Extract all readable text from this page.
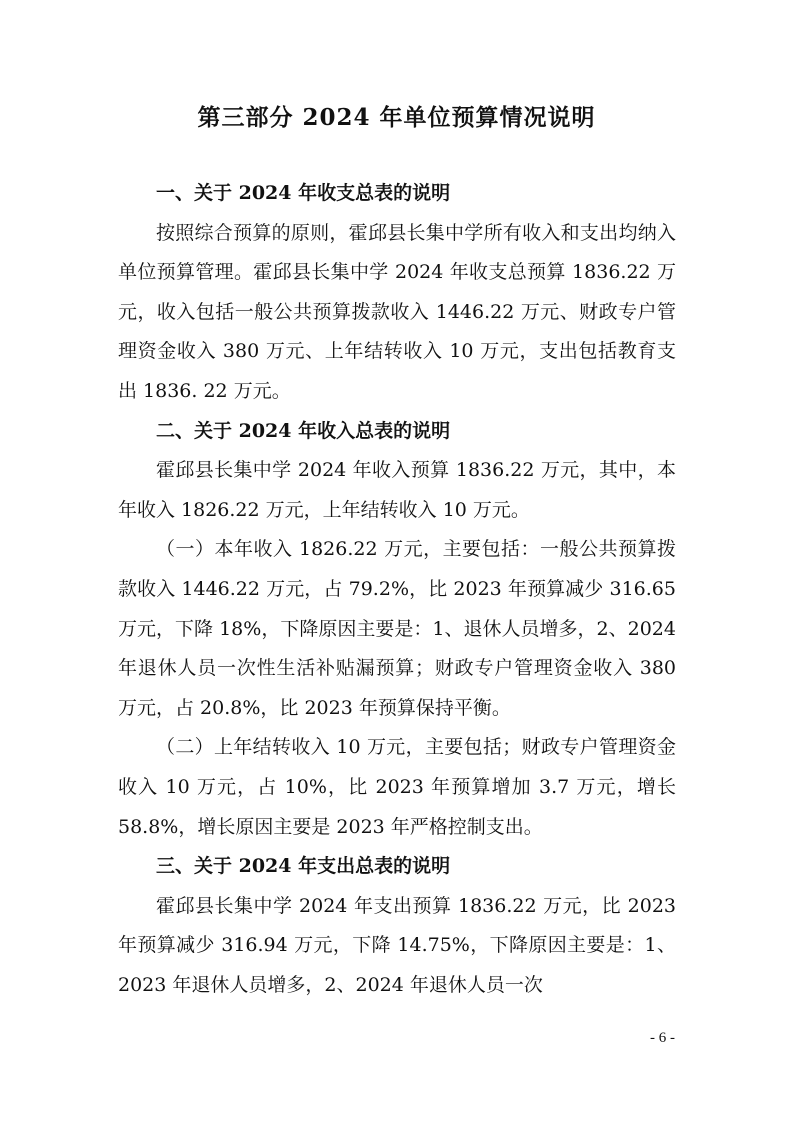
第三部分 2024 年单位预算情况说明
一、关于 2024 年收支总表的说明

按照综合预算的原则，霍邱县长集中学所有收入和支出均纳入单位预算管理。霍邱县长集中学 2024 年收支总预算 1836.22 万元，收入包括一般公共预算拨款收入 1446.22 万元、财政专户管理资金收入 380 万元、上年结转收入 10 万元，支出包括教育支出 1836. 22 万元。

二、关于 2024 年收入总表的说明

霍邱县长集中学 2024 年收入预算 1836.22 万元，其中，本年收入 1826.22 万元，上年结转收入 10 万元。

（一）本年收入 1826.22 万元，主要包括：一般公共预算拨款收入 1446.22 万元，占 79.2%，比 2023 年预算减少 316.65 万元，下降 18%，下降原因主要是：1、退休人员增多，2、2024 年退休人员一次性生活补贴漏预算；财政专户管理资金收入 380 万元，占 20.8%，比 2023 年预算保持平衡。

（二）上年结转收入 10 万元，主要包括；财政专户管理资金收入 10 万元，占 10%，比 2023 年预算增加 3.7 万元，增长 58.8%，增长原因主要是 2023 年严格控制支出。

三、关于 2024 年支出总表的说明

霍邱县长集中学 2024 年支出预算 1836.22 万元，比 2023 年预算减少 316.94 万元，下降 14.75%，下降原因主要是：1、2023 年退休人员增多，2、2024 年退休人员一次

- 6 -
